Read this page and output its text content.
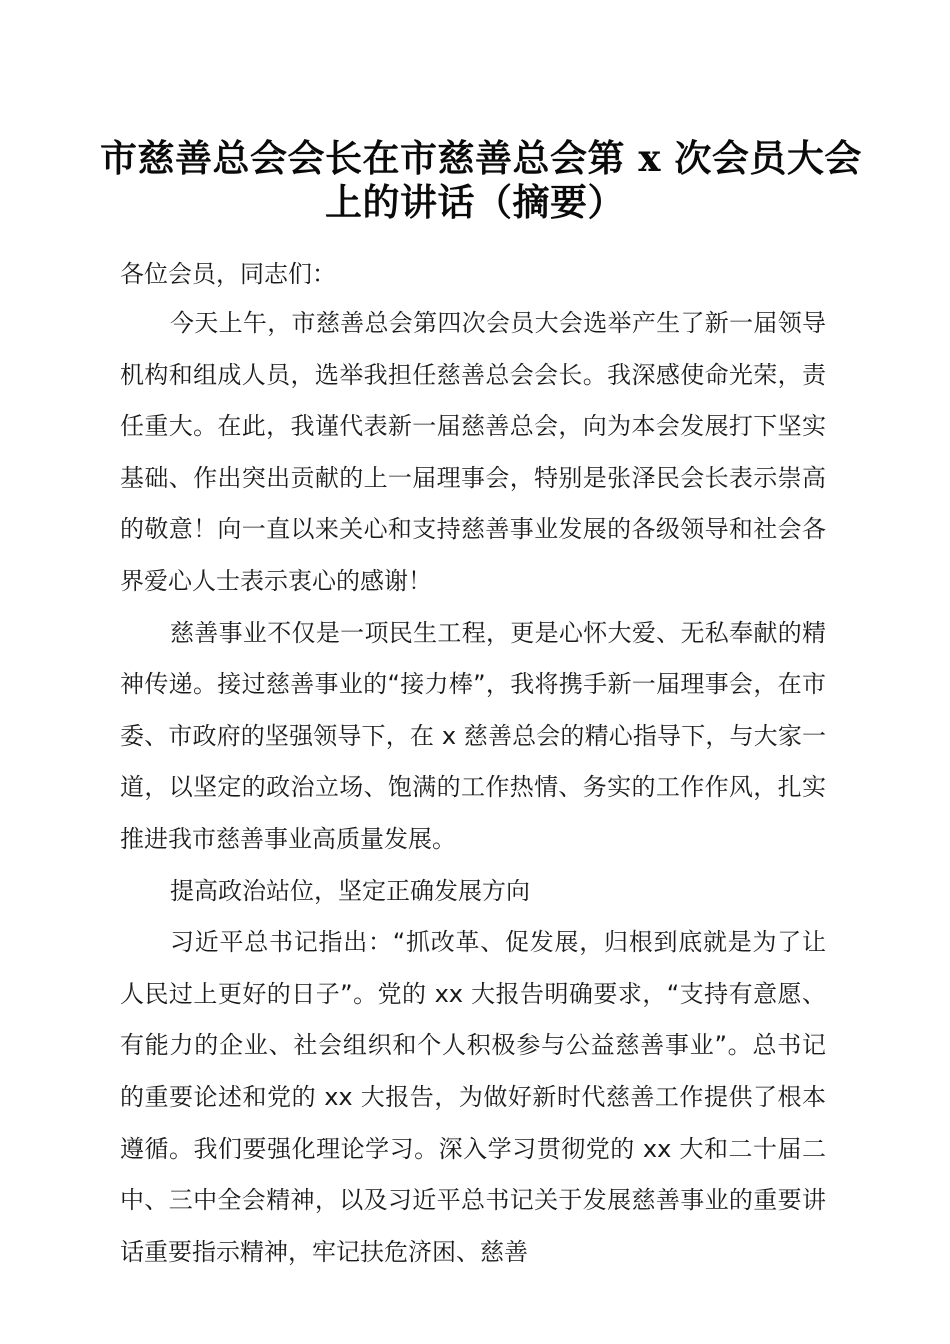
市慈善总会会长在市慈善总会第 x 次会员大会
上的讲话（摘要）

各位会员，同志们：

今天上午，市慈善总会第四次会员大会选举产生了新一届领导机构和组成人员，选举我担任慈善总会会长。我深感使命光荣，责任重大。在此，我谨代表新一届慈善总会，向为本会发展打下坚实基础、作出突出贡献的上一届理事会，特别是张泽民会长表示崇高的敬意！向一直以来关心和支持慈善事业发展的各级领导和社会各界爱心人士表示衷心的感谢！

慈善事业不仅是一项民生工程，更是心怀大爱、无私奉献的精神传递。接过慈善事业的“接力棒”，我将携手新一届理事会，在市委、市政府的坚强领导下，在 x 慈善总会的精心指导下，与大家一道，以坚定的政治立场、饱满的工作热情、务实的工作作风，扎实推进我市慈善事业高质量发展。

提高政治站位，坚定正确发展方向

习近平总书记指出：“抓改革、促发展，归根到底就是为了让人民过上更好的日子”。党的 xx 大报告明确要求，“支持有意愿、有能力的企业、社会组织和个人积极参与公益慈善事业”。总书记的重要论述和党的 xx 大报告，为做好新时代慈善工作提供了根本遵循。我们要强化理论学习。深入学习贯彻党的 xx 大和二十届二中、三中全会精神，以及习近平总书记关于发展慈善事业的重要讲话重要指示精神，牢记扶危济困、慈善
